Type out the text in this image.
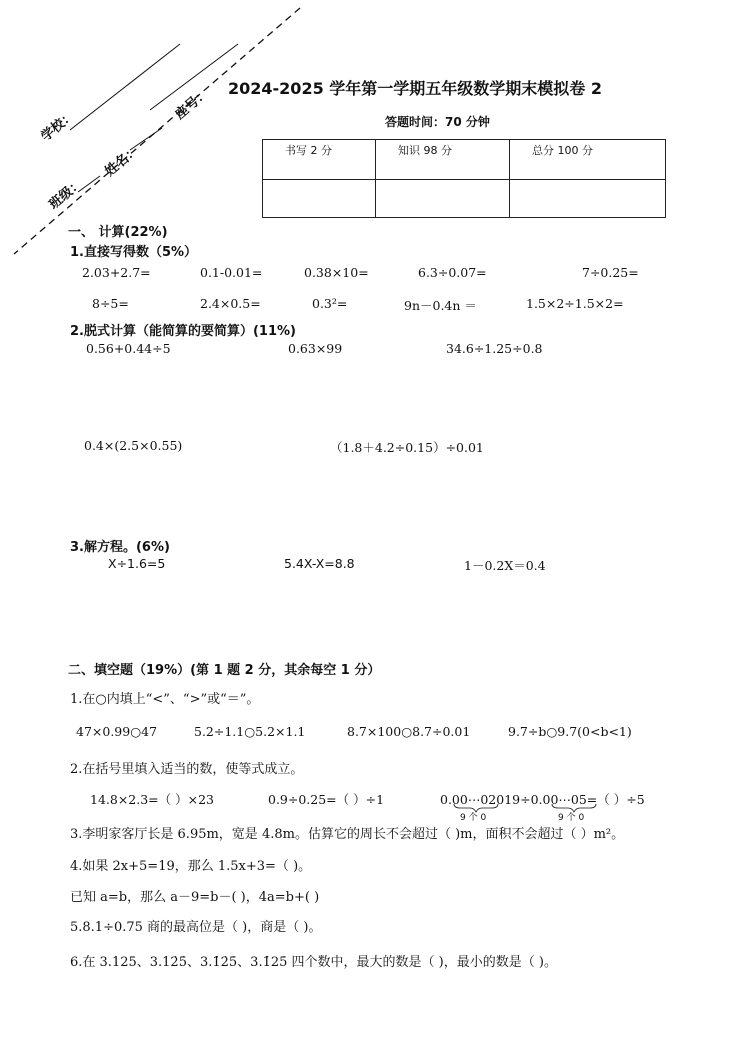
学校：
姓名：
座号：
班级：
2024-2025 学年第一学期五年级数学期末模拟卷 2
答题时间：70 分钟
书写 2 分	知识 98 分	总分 100 分

一、 计算(22%)
1.直接写得数（5%）
2.03+2.7=	0.1-0.01=	0.38×10=	6.3÷0.07=	7÷0.25=
8÷5=	2.4×0.5=	0.3²=	9n－0.4n ＝	1.5×2÷1.5×2=
2.脱式计算（能简算的要简算）(11%)
0.56+0.44÷5	0.63×99	34.6÷1.25÷0.8
0.4×(2.5×0.55)	（1.8＋4.2÷0.15）÷0.01
3.解方程。(6%)
X÷1.6=5	5.4X-X=8.8	1－0.2X＝0.4
二、填空题（19%）(第 1 题 2 分，其余每空 1 分）
1.在○内填上“<”、“>”或“＝”。
47×0.99○47	5.2÷1.1○5.2×1.1	8.7×100○8.7÷0.01	9.7÷b○9.7(0<b<1)
2.在括号里填入适当的数，使等式成立。
14.8×2.3=（ ）×23	0.9÷0.25=（ ）÷1	0.00⋯02019÷0.00⋯05=（ ）÷5
9 个 0	9 个 0
3.李明家客厅长是 6.95m，宽是 4.8m。估算它的周长不会超过（ )m，面积不会超过（ ）m²。
4.如果 2x+5=19，那么 1.5x+3=（ )。
已知 a=b，那么 a－9=b－( )，4a=b+( )
5.8.1÷0.75 商的最高位是（ )，商是（ )。
6.在 3.125、3.12̇5̇、3.1̇2̇5̇、3.1̇25̇ 四个数中，最大的数是（ )，最小的数是（ )。
